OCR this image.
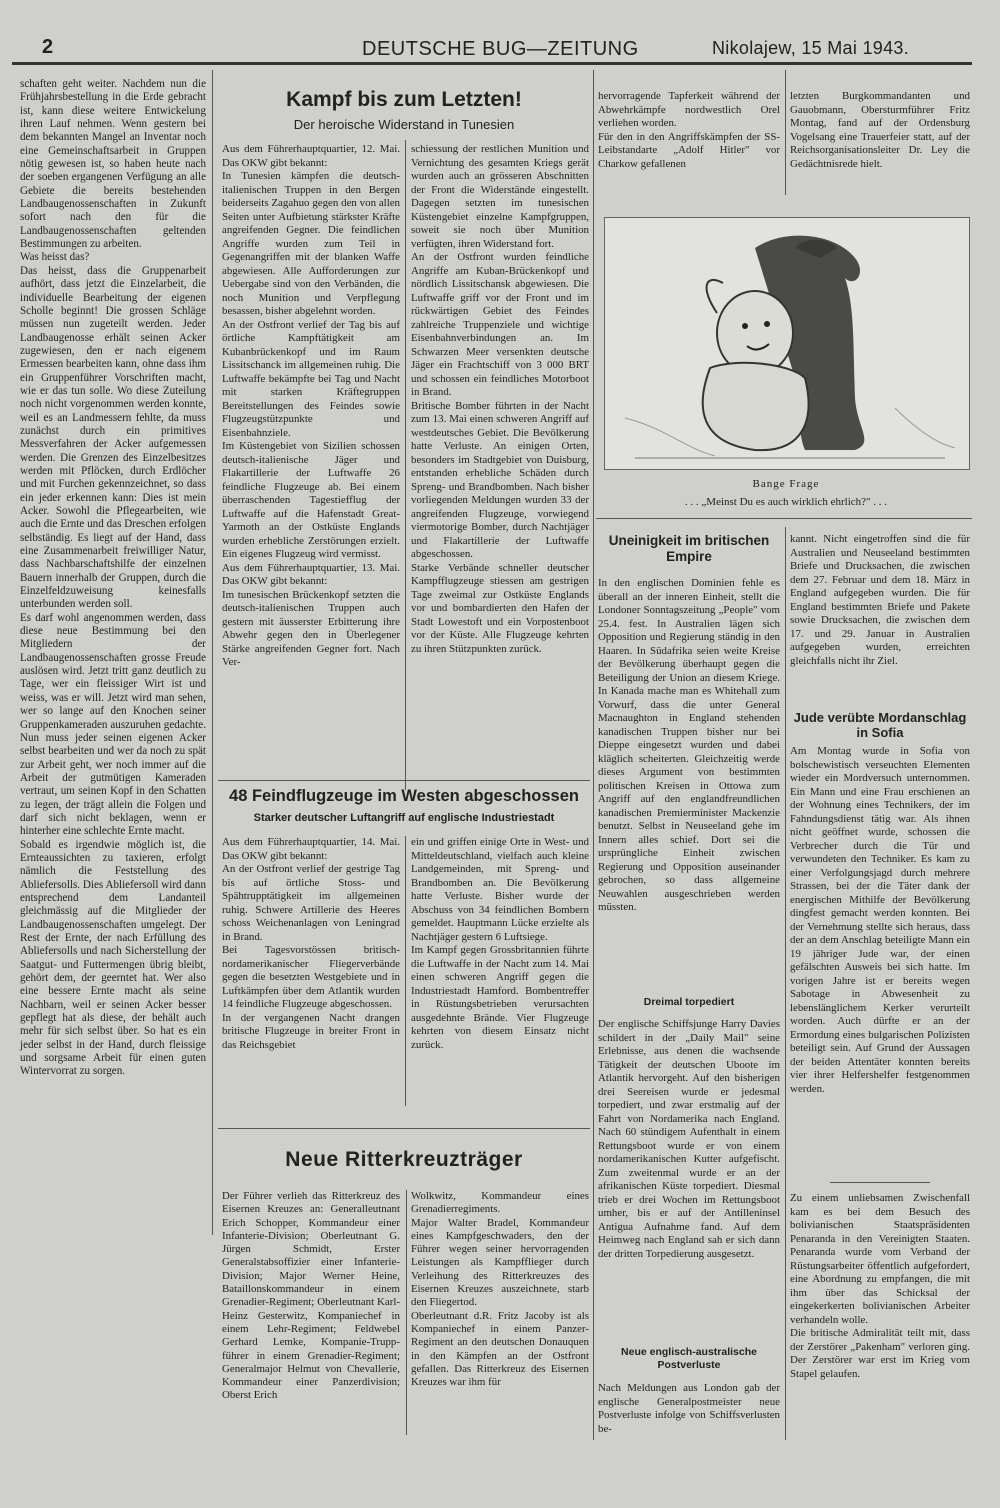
2	DEUTSCHE BUG—ZEITUNG	Nikolajew, 15 Mai 1943.
schaften geht weiter. Nachdem nun die Frühjahrsbestellung in die Erde gebracht ist, kann diese weitere Entwickelung ihren Lauf nehmen. Wenn gestern bei dem bekannten Mangel an Inventar noch eine Gemeinschaftsarbeit in Gruppen nötig gewesen ist, so haben heute nach der soeben ergangenen Verfügung an alle Gebiete die bereits bestehenden Landbaugenossenschaften in Zukunft sofort nach den für die Landbaugenossenschaften geltenden Bestimmungen zu arbeiten.
Was heisst das?
Das heisst, dass die Gruppenarbeit aufhört, dass jetzt die Einzelarbeit, die individuelle Bearbeitung der eigenen Scholle beginnt! Die grossen Schläge müssen nun zugeteilt werden. Jeder Landbaugenosse erhält seinen Acker zugewiesen, den er nach eigenem Ermessen bearbeiten kann, ohne dass ihm ein Gruppenführer Vorschriften macht, wie er das tun solle. Wo diese Zuteilung noch nicht vorgenommen werden konnte, weil es an Landmessern fehlte, da muss zunächst durch ein primitives Messverfahren der Acker aufgemessen werden. Die Grenzen des Einzelbesitzes werden mit Pflöcken, durch Erdlöcher und mit Furchen gekennzeichnet, so dass ein jeder erkennen kann: Dies ist mein Acker. Sowohl die Pflegearbeiten, wie auch die Ernte und das Dreschen erfolgen selbständig. Es liegt auf der Hand, dass eine Zusammenarbeit freiwilliger Natur, dass Nachbarschaftshilfe der einzelnen Bauern innerhalb der Gruppen, durch die Einzelfeldzuweisung keinesfalls unterbunden werden soll.
Es darf wohl angenommen werden, dass diese neue Bestimmung bei den Mitgliedern der Landbaugenossenschaften grosse Freude auslösen wird. Jetzt tritt ganz deutlich zu Tage, wer ein fleissiger Wirt ist und weiss, was er will. Jetzt wird man sehen, wer so lange auf den Knochen seiner Gruppenkameraden auszuruhen gedachte. Nun muss jeder seinen eigenen Acker selbst bearbeiten und wer da noch zu spät zur Arbeit geht, wer noch immer auf die Arbeit der gutmütigen Kameraden vertraut, um seinen Kopf in den Schatten zu legen, der trägt allein die Folgen und darf sich nicht beklagen, wenn er hinterher eine schlechte Ernte macht.
Sobald es irgendwie möglich ist, die Ernteaussichten zu taxieren, erfolgt nämlich die Feststellung des Abliefersolls. Dies Abliefersoll wird dann entsprechend dem Landanteil gleichmässig auf die Mitglieder der Landbaugenossenschaften umgelegt. Der Rest der Ernte, der nach Erfüllung des Abliefersolls und nach Sicherstellung der Saatgut- und Futtermengen übrig bleibt, gehört dem, der geerntet hat. Wer also eine bessere Ernte macht als seine Nachbarn, weil er seinen Acker besser gepflegt hat als diese, der behält auch mehr für sich selbst über. So hat es ein jeder selbst in der Hand, durch fleissige und sorgsame Arbeit für einen guten Wintervorrat zu sorgen.
Kampf bis zum Letzten!
Der heroische Widerstand in Tunesien
Aus dem Führerhauptquartier, 12. Mai. Das OKW gibt bekannt:
In Tunesien kämpfen die deutsch-italienischen Truppen in den Bergen beiderseits Zagahuo gegen den von allen Seiten unter Aufbietung stärkster Kräfte angreifenden Gegner. Die feindlichen Angriffe wurden zum Teil in Gegenangriffen mit der blanken Waffe abgewiesen. Alle Aufforderungen zur Uebergabe sind von den Verbänden, die noch Munition und Verpflegung besassen, bisher abgelehnt worden.
An der Ostfront verlief der Tag bis auf örtliche Kampftätigkeit am Kubanbrückenkopf und im Raum Lissitschanck im allgemeinen ruhig. Die Luftwaffe bekämpfte bei Tag und Nacht mit starken Kräftegruppen Bereitstellungen des Feindes sowie Flugzeugstützpunkte und Eisenbahnziele.
Im Küstengebiet von Sizilien schossen deutsch-italienische Jäger und Flakartillerie der Luftwaffe 26 feindliche Flugzeuge ab. Bei einem überraschenden Tagestiefflug der Luftwaffe auf die Hafenstadt Great-Yarmoth an der Ostküste Englands wurden erhebliche Zerstörungen erzielt. Ein eigenes Flugzeug wird vermisst.
Aus dem Führerhauptquartier, 13. Mai. Das OKW gibt bekannt:
Im tunesischen Brückenkopf setzten die deutsch-italienischen Truppen auch gestern mit äusserster Erbitterung ihre Abwehr gegen den in Überlegener Stärke angreifenden Gegner fort. Nach Ver-
schiessung der restlichen Munition und Vernichtung des gesamten Kriegs gerät wurden auch an grösseren Abschnitten der Front die Widerstände eingestellt. Dagegen setzten im tunesischen Küstengebiet einzelne Kampfgruppen, soweit sie noch über Munition verfügten, ihren Widerstand fort.
An der Ostfront wurden feindliche Angriffe am Kuban-Brückenkopf und nördlich Lissitschansk abgewiesen. Die Luftwaffe griff vor der Front und im rückwärtigen Gebiet des Feindes zahlreiche Truppenziele und wichtige Eisenbahnverbindungen an. Im Schwarzen Meer versenkten deutsche Jäger ein Frachtschiff von 3 000 BRT und schossen ein feindliches Motorboot in Brand.
Britische Bomber führten in der Nacht zum 13. Mai einen schweren Angriff auf westdeutsches Gebiet. Die Bevölkerung hatte Verluste. An einigen Orten, besonders im Stadtgebiet von Duisburg, entstanden erhebliche Schäden durch Spreng- und Brandbomben. Nach bisher vorliegenden Meldungen wurden 33 der angreifenden Flugzeuge, vorwiegend viermotorige Bomber, durch Nachtjäger und Flakartillerie der Luftwaffe abgeschossen.
Starke Verbände schneller deutscher Kampfflugzeuge stiessen am gestrigen Tage zweimal zur Ostküste Englands vor und bombardierten den Hafen der Stadt Lowestoft und ein Vorpostenboot vor der Küste. Alle Flugzeuge kehrten zu ihren Stützpunkten zurück.
48 Feindflugzeuge im Westen abgeschossen
Starker deutscher Luftangriff auf englische Industriestadt
Aus dem Führerhauptquartier, 14. Mai. Das OKW gibt bekannt:
An der Ostfront verlief der gestrige Tag bis auf örtliche Stoss- und Spähtrupptätigkeit im allgemeinen ruhig. Schwere Artillerie des Heeres schoss Weichenanlagen von Leningrad in Brand.
Bei Tagesvorstössen britisch-nordamerikanischer Fliegerverbände gegen die besetzten Westgebiete und in Luftkämpfen über dem Atlantik wurden 14 feindliche Flugzeuge abgeschossen.
In der vergangenen Nacht drangen britische Flugzeuge in breiter Front in das Reichsgebiet
ein und griffen einige Orte in West- und Mitteldeutschland, vielfach auch kleine Landgemeinden, mit Spreng- und Brandbomben an. Die Bevölkerung hatte Verluste. Bisher wurde der Abschuss von 34 feindlichen Bombern gemeldet. Hauptmann Lücke erzielte als Nachtjäger gestern 6 Luftsiege.
Im Kampf gegen Grossbritannien führte die Luftwaffe in der Nacht zum 14. Mai einen schweren Angriff gegen die Industriestadt Hamford. Bombentreffer in Rüstungsbetrieben verursachten ausgedehnte Brände. Vier Flugzeuge kehrten von diesem Einsatz nicht zurück.
Neue Ritterkreuzträger
Der Führer verlieh das Ritterkreuz des Eisernen Kreuzes an: Generalleutnant Erich Schopper, Kommandeur einer Infanterie-Division; Oberleutnant G. Jürgen Schmidt, Erster Generalstabsoffizier einer Infanterie-Division; Major Werner Heine, Bataillonskommandeur in einem Grenadier-Regiment; Oberleutnant Karl-Heinz Gesterwitz, Kompaniechef in einem Lehr-Regiment; Feldwebel Gerhard Lemke, Kompanie-Trupp-führer in einem Grenadier-Regiment; Generalmajor Helmut von Chevallerie, Kommandeur einer Panzerdivision; Oberst Erich
Wolkwitz, Kommandeur eines Grenadierregiments.
Major Walter Bradel, Kommandeur eines Kampfgeschwaders, den der Führer wegen seiner hervorragenden Leistungen als Kampfflieger durch Verleihung des Ritterkreuzes des Eisernen Kreuzes auszeichnete, starb den Fliegertod.
Oberleutnant d.R. Fritz Jacoby ist als Kompaniechef in einem Panzer-Regiment an den deutschen Donauquen in den Kämpfen an der Ostfront gefallen. Das Ritterkreuz des Eisernen Kreuzes war ihm für
hervorragende Tapferkeit während der Abwehrkämpfe nordwestlich Orel verliehen worden.
Für den in den Angriffskämpfen der SS-Leibstandarte „Adolf Hitler" vor Charkow gefallenen
letzten Burgkommandanten und Gauobmann, Obersturmführer Fritz Montag, fand auf der Ordensburg Vogelsang eine Trauerfeier statt, auf der Reichsorganisationsleiter Dr. Ley die Gedächtnisrede hielt.
Bange Frage
. . . „Meinst Du es auch wirklich ehrlich?" . . .
Uneinigkeit im britischen Empire
In den englischen Dominien fehle es überall an der inneren Einheit, stellt die Londoner Sonntagszeitung „People" vom 25.4. fest. In Australien lägen sich Opposition und Regierung ständig in den Haaren. In Südafrika seien weite Kreise der Bevölkerung überhaupt gegen die Beteiligung der Union an diesem Kriege. In Kanada mache man es Whitehall zum Vorwurf, dass die unter General Macnaughton in England stehenden kanadischen Truppen bisher nur bei Dieppe eingesetzt wurden und dabei kläglich scheiterten. Gleichzeitig werde dieses Argument von bestimmten politischen Kreisen in Ottowa zum Angriff auf den englandfreundlichen kanadischen Premierminister Mackenzie benutzt. Selbst in Neuseeland gehe im Innern alles schief. Dort sei die ursprüngliche Einheit zwischen Regierung und Opposition auseinander gebrochen, so dass allgemeine Neuwahlen ausgeschrieben werden müssten.
Dreimal torpediert
Der englische Schiffsjunge Harry Davies schildert in der „Daily Mail" seine Erlebnisse, aus denen die wachsende Tätigkeit der deutschen Uboote im Atlantik hervorgeht. Auf den bisherigen drei Seereisen wurde er jedesmal torpediert, und zwar erstmalig auf der Fahrt von Nordamerika nach England. Nach 60 stündigem Aufenthalt in einem Rettungsboot wurde er von einem nordamerikanischen Kutter aufgefischt. Zum zweitenmal wurde er an der afrikanischen Küste torpediert. Diesmal trieb er drei Wochen im Rettungsboot umher, bis er auf der Antilleninsel Antigua Aufnahme fand. Auf dem Heimweg nach England sah er sich dann der dritten Torpedierung ausgesetzt.
Neue englisch-australische Postverluste
Nach Meldungen aus London gab der englische Generalpostmeister neue Postverluste infolge von Schiffsverlusten be-
kannt. Nicht eingetroffen sind die für Australien und Neuseeland bestimmten Briefe und Drucksachen, die zwischen dem 27. Februar und dem 18. März in England aufgegeben wurden. Die für England bestimmten Briefe und Pakete sowie Drucksachen, die zwischen dem 17. und 29. Januar in Australien aufgegeben wurden, erreichten gleichfalls nicht ihr Ziel.
Jude verübte Mordanschlag in Sofia
Am Montag wurde in Sofia von bolschewistisch verseuchten Elementen wieder ein Mordversuch unternommen. Ein Mann und eine Frau erschienen an der Wohnung eines Technikers, der im Fahndungsdienst tätig war. Als ihnen nicht geöffnet wurde, schossen die Verbrecher durch die Tür und verwundeten den Techniker. Es kam zu einer Verfolgungsjagd durch mehrere Strassen, bei der die Täter dank der energischen Mithilfe der Bevölkerung dingfest gemacht werden konnten. Bei der Vernehmung stellte sich heraus, dass der an dem Anschlag beteiligte Mann ein 19 jähriger Jude war, der einen gefälschten Ausweis bei sich hatte. Im vorigen Jahre ist er bereits wegen Sabotage in Abwesenheit zu lebenslänglichem Kerker verurteilt worden. Auch dürfte er an der Ermordung eines bulgarischen Polizisten beteiligt sein. Auf Grund der Aussagen der beiden Attentäter konnten bereits vier ihrer Helfershelfer festgenommen werden.
Zu einem unliebsamen Zwischenfall kam es bei dem Besuch des bolivianischen Staatspräsidenten Penaranda in den Vereinigten Staaten. Penaranda wurde vom Verband der Rüstungsarbeiter öffentlich aufgefordert, eine Abordnung zu empfangen, die mit ihm über das Schicksal der eingekerkerten bolivianischen Arbeiter verhandeln wolle.
Die britische Admiralität teilt mit, dass der Zerstörer „Pakenham" verloren ging. Der Zerstörer war erst im Krieg vom Stapel gelaufen.
